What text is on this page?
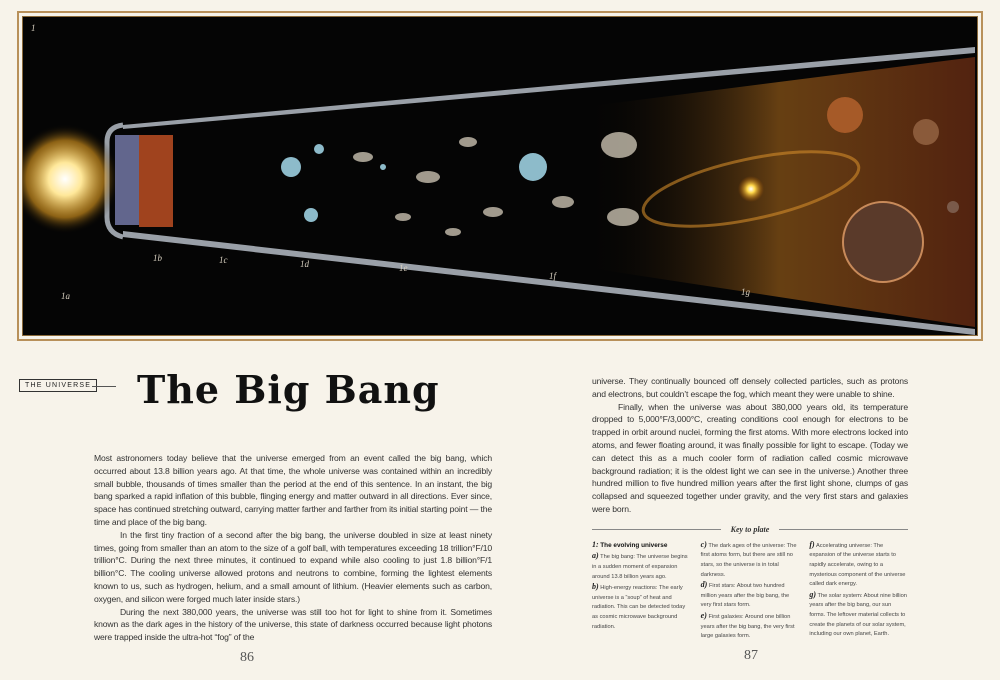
1
1a
1b	1c	1d	1e
1f
1g
THE UNIVERSE The Big Bang

Most astronomers today believe that the universe emerged from an event called the big bang, which occurred about 13.8 billion years ago. At that time, the whole universe was contained within an incredibly small bubble, thousands of times smaller than the period at the end of this sentence. In an instant, the big bang sparked a rapid inflation of this bubble, flinging energy and matter outward in all directions. Ever since, space has continued stretching outward, carrying matter farther and farther from its initial starting point — the time and place of the big bang.

In the first tiny fraction of a second after the big bang, the universe doubled in size at least ninety times, going from smaller than an atom to the size of a golf ball, with temperatures exceeding 18 trillion°F/10 trillion°C. During the next three minutes, it continued to expand while also cooling to just 1.8 billion°F/1 billion°C. The cooling universe allowed protons and neutrons to combine, forming the lightest elements known to us, such as hydrogen, helium, and a small amount of lithium. (Heavier elements such as carbon, oxygen, and silicon were forged much later inside stars.)

During the next 380,000 years, the universe was still too hot for light to shine from it. Sometimes known as the dark ages in the history of the universe, this state of darkness occurred because light photons were trapped inside the ultra-hot “fog” of the

86

universe. They continually bounced off densely collected particles, such as protons and electrons, but couldn’t escape the fog, which meant they were unable to shine.

Finally, when the universe was about 380,000 years old, its temperature dropped to 5,000°F/3,000°C, creating conditions cool enough for electrons to be trapped in orbit around nuclei, forming the first atoms. With more electrons locked into atoms, and fewer floating around, it was finally possible for light to escape. (Today we can detect this as a much cooler form of radiation called cosmic microwave background radiation; it is the oldest light we can see in the universe.) Another three hundred million to five hundred million years after the first light shone, clumps of gas collapsed and squeezed together under gravity, and the very first stars and galaxies were born.

Key to plate
1: The evolving universe
a) The big bang: The universe begins in a sudden moment of expansion around 13.8 billion years ago.
b) High-energy reactions: The early universe is a “soup” of heat and radiation. This can be detected today as cosmic microwave background radiation.
c) The dark ages of the universe: The first atoms form, but there are still no stars, so the universe is in total darkness.
d) First stars: About two hundred million years after the big bang, the very first stars form.
e) First galaxies: Around one billion years after the big bang, the very first large galaxies form.
f) Accelerating universe: The expansion of the universe starts to rapidly accelerate, owing to a mysterious component of the universe called dark energy.
g) The solar system: About nine billion years after the big bang, our sun forms. The leftover material collects to create the planets of our solar system, including our own planet, Earth.
87
